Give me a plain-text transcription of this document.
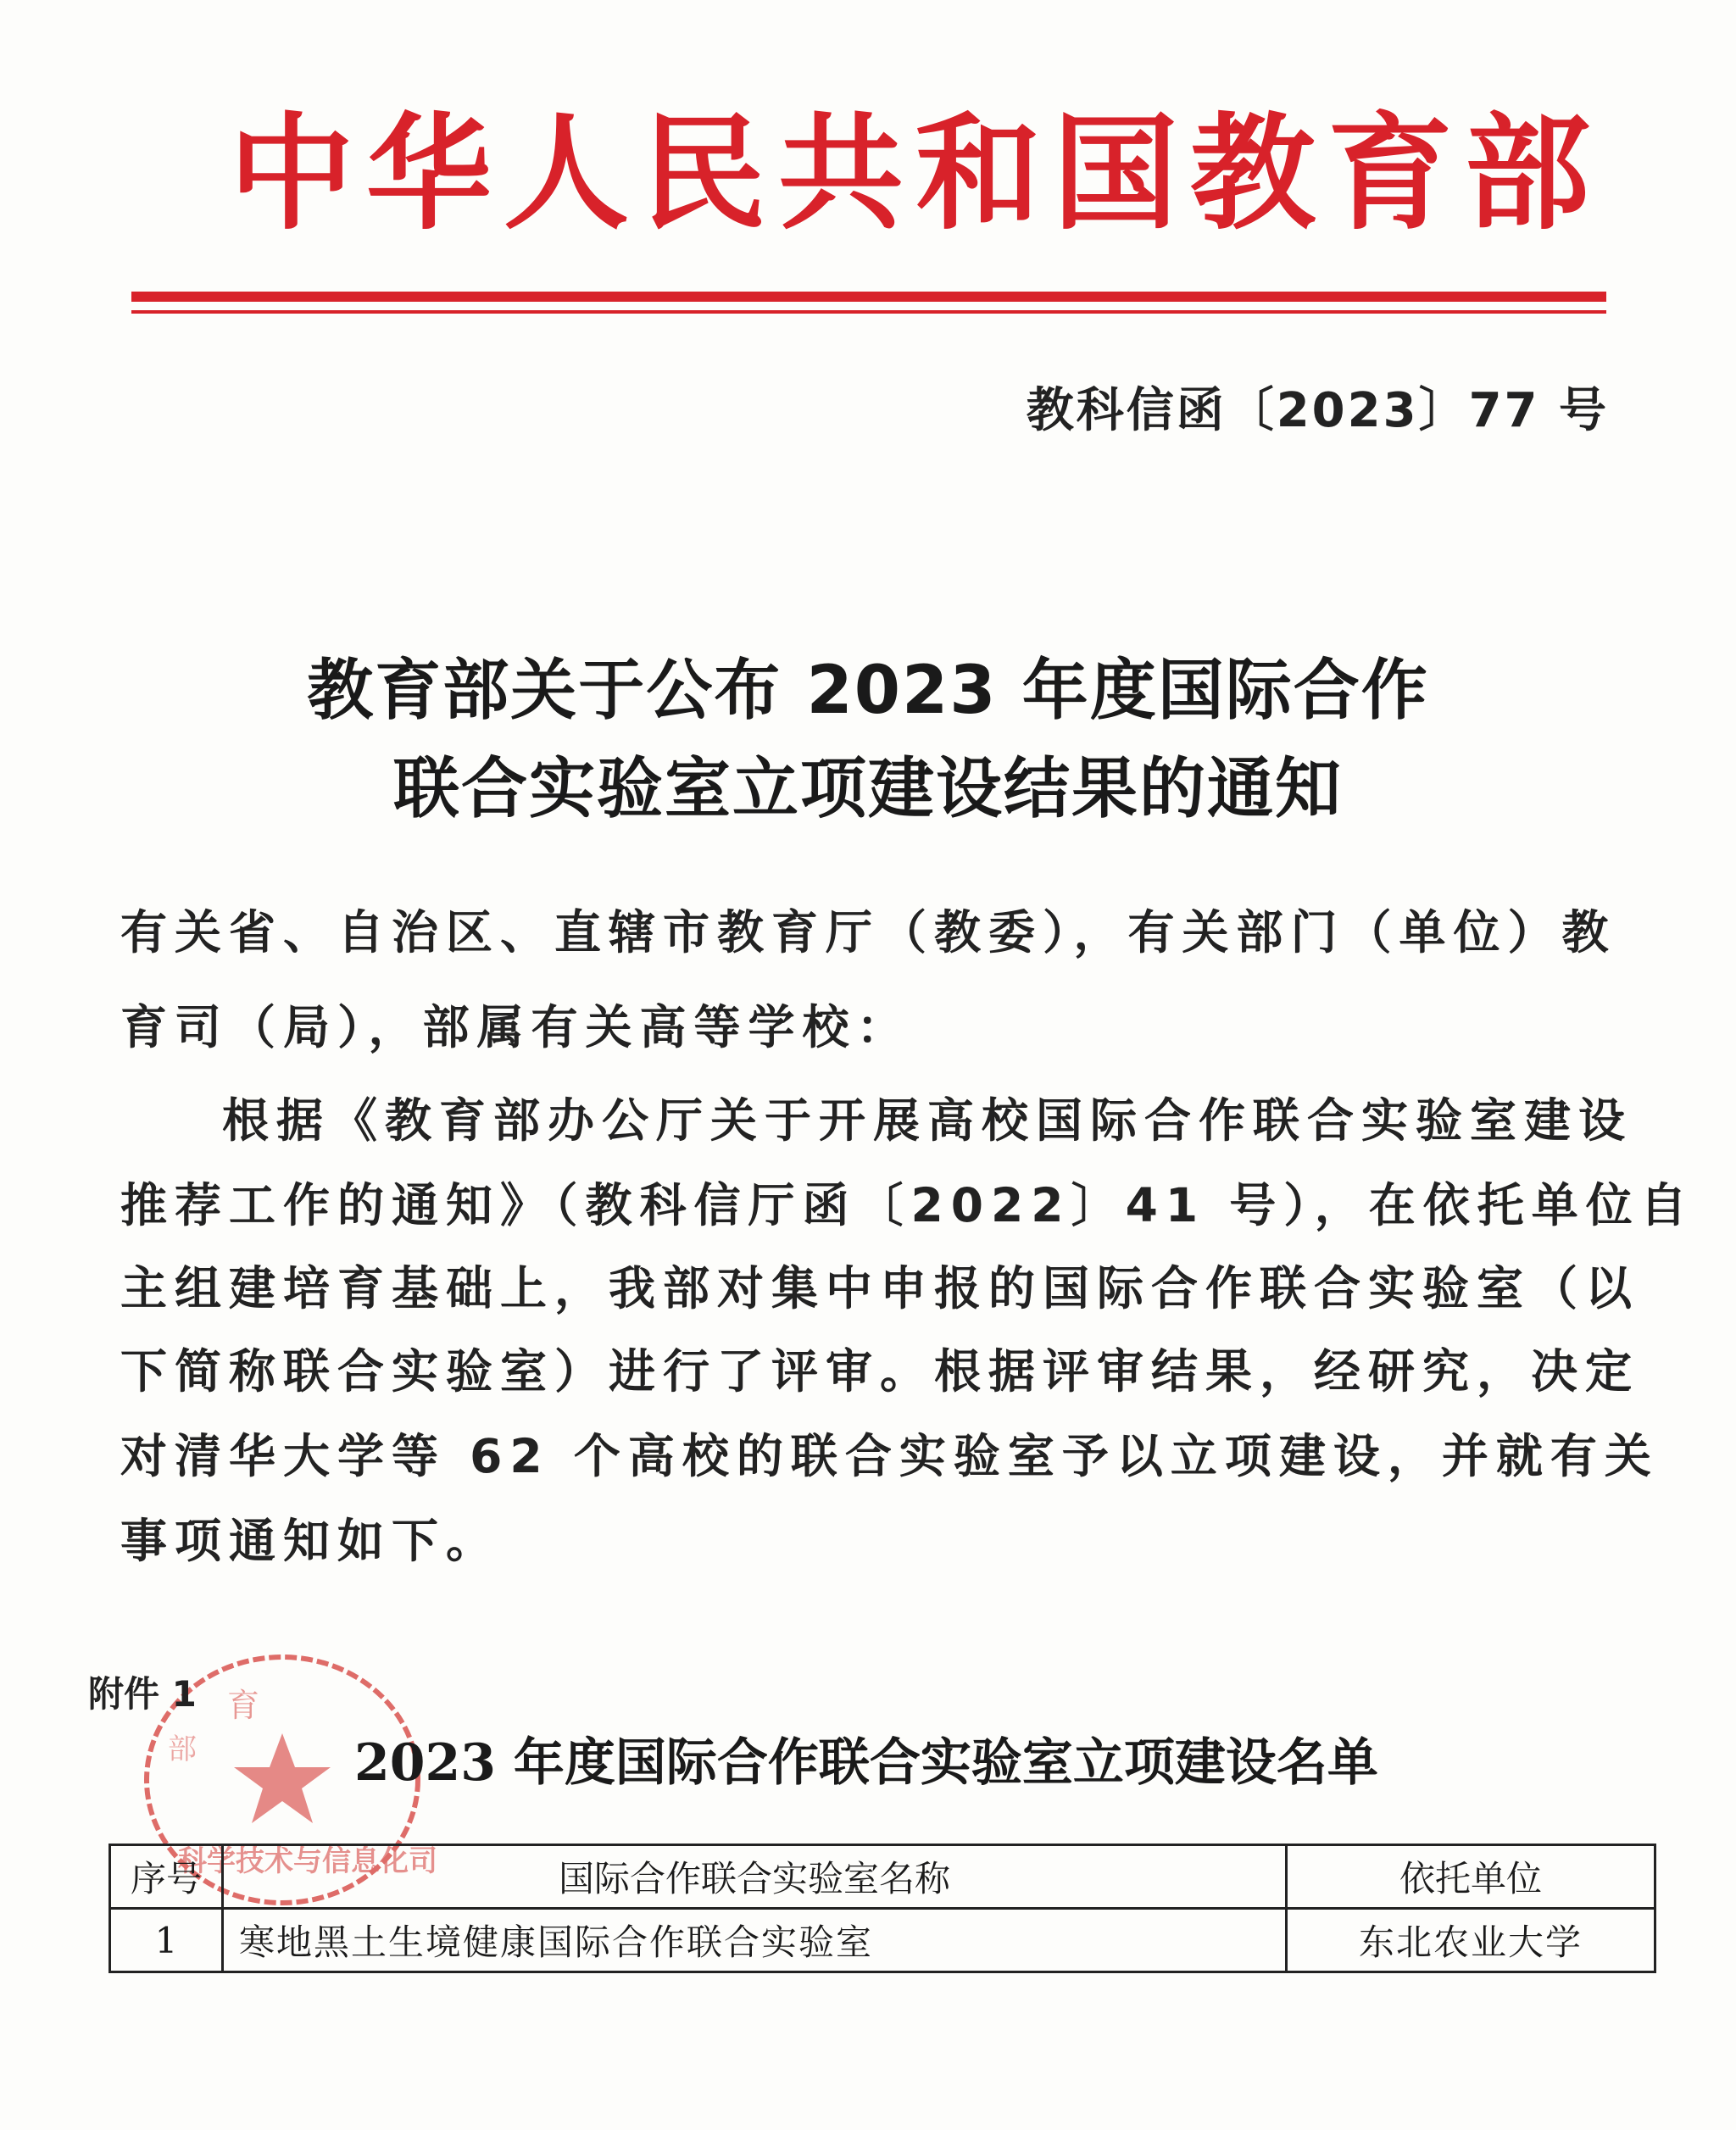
中华人民共和国教育部
教科信函〔2023〕77 号
教育部关于公布 2023 年度国际合作
联合实验室立项建设结果的通知
有关省、自治区、直辖市教育厅（教委），有关部门（单位）教
育司（局），部属有关高等学校：
根据《教育部办公厅关于开展高校国际合作联合实验室建设
推荐工作的通知》（教科信厅函〔2022〕41 号），在依托单位自
主组建培育基础上，我部对集中申报的国际合作联合实验室（以
下简称联合实验室）进行了评审。根据评审结果，经研究，决定
对清华大学等 62 个高校的联合实验室予以立项建设，并就有关
事项通知如下。
育
部
科学技术与信息化司
附件 1
2023 年度国际合作联合实验室立项建设名单
序号	国际合作联合实验室名称	依托单位
1	寒地黑土生境健康国际合作联合实验室	东北农业大学
